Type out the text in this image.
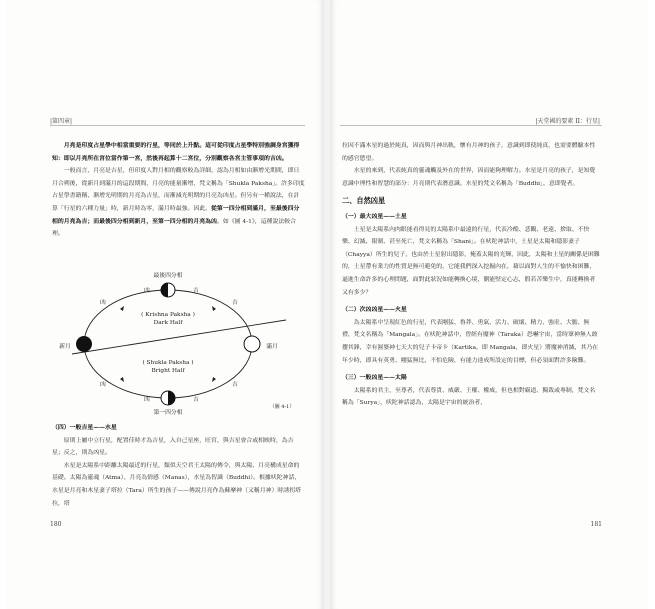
|第四章|

月亮是印度占星學中相當重要的行星，等同於上升點。這可從印度占星學特別強調身宮獲得知：即以月亮所在宮位當作第一宮，然後再起算十二宮位，分別觀察各宮主管事項的吉凶。

一般而言，月亮是吉星，但印度人對月相的觀察較為詳細，認為月相如由漸增光期間，即日月合朔後，從新月到滿月的這段期間，月亮的能量漸增，梵文稱為「Shukla Paksha」。許多印度占星學書籍稱，漸增光明期的月亮為吉星，而漸減光明期的月亮為凶星。但另有一種說法，在計算「行星的六種力量」時，新月時為零，滿月時最強。因此，從第一四分相到滿月，至最後四分相的月亮為吉；而最後四分相到新月，至第一四分相的月亮為凶。如《圖 4-1》，這種說法較合理。

最後四分相
第一四分相
新月	滿月
凶	吉
凶	吉
凶	吉
凶	吉
( Krishna Paksha )
Dark Half
( Shukla Paksha )
Bright Half
（圖 4-1）

（四）一般吉星——水星

原則上屬中立行星，配置佳時才為吉星，入自己星座，旺宮，與吉星會合或相映時，為吉星；反之，則為凶星。

水星是太陽系中距離太陽最近的行星，類似天空君王太陽的傳令，與太陽、月亮構成星命的基礎。太陽為靈魂（Atma）、月亮為情感（Manas），水星為智識（Buddhi）。根據吠陀神話，水星是月亮和木星妻子塔拉（Tara）所生的孩子——傳說月亮作為蘇摩神（又稱月神）時誘拐塔拉，塔

180
|天堂國的要素 II：行星|

拉因不滿木星的過於純真，因而與月神出軌，懷有月神的孩子，意識到即使純真，也需要體驗本性的感官慾望。

水星的來到，代表純真的靈魂觸及外在的世界，因而能夠理解力。水星是月亮的孩子，是知覺意識中理性和智慧的部分：月亮則代表潛意識。水星的梵文名稱為「Buddhi」，意即覺者。

二、自然凶星

（一）最大凶星——土星

土星是太陽系內肉眼能看得見的太陽系中最遠的行星，代表冷酷、悲觀、老遠、捨取、不快樂、幻滅、限制、甚至死亡，梵文名稱為「Shani」。在吠陀神話中，土星是太陽和隱影妻子（Chayya）所生的兒子，也由於土星射出隱影，掩蓋太陽的光輝，因此，太陽和土星的關係是困難的，土星帶有業力的性質是無可避免的，它能我們深入挖掘內在，藉以面對人生的不愉快和困難，逼進生命許多的心理問題，面對此狀況如能轉換心境，側能堅定心志，假若苦樂生中，真能轉換者又有多少？

（二）次凶凶星——火星

為太陽系中呈現紅色的行星，代表剛猛、魯莽、勇氣、活力、破壞、精力、強壯、大膽、無禮，梵文名稱為「Mangala」。在吠陀神話中，曾經有魔神（Taraka）恐嚇宇宙，當時眾神無人敢攖其鋒，幸有濕婆神七天大的兒子卡帝卡（Kartika，即 Mangala，即火星）將魔神消滅，其乃在年少時，即具有英勇、剛猛無比，不怕危險，有能力達成所設定的目標，但必須面對許多險難。

（三）一般凶星——太陽

太陽系的君主，至尊者，代表尊貴、威嚴、王權、權威，但也相對霸道、獨裁或專制，梵文名稱為「Surya」，吠陀神話認為，太陽是宇宙的統治者，

181
